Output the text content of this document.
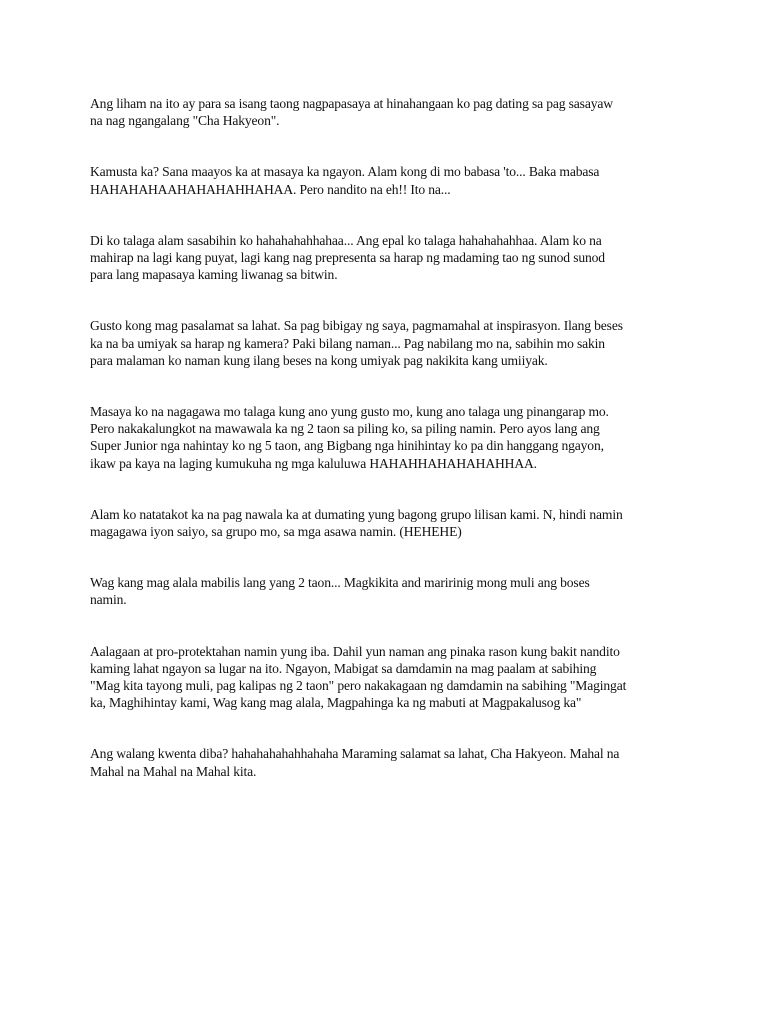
Ang liham na ito ay para sa isang taong nagpapasaya at hinahangaan ko pag dating sa pag sasayaw
na nag ngangalang "Cha Hakyeon".

Kamusta ka? Sana maayos ka at masaya ka ngayon. Alam kong di mo babasa 'to... Baka mabasa
HAHAHAHAAHAHAHAHHAHAA. Pero nandito na eh!! Ito na...

Di ko talaga alam sasabihin ko hahahahahhahaa... Ang epal ko talaga hahahahahhaa. Alam ko na
mahirap na lagi kang puyat, lagi kang nag prepresenta sa harap ng madaming tao ng sunod sunod
para lang mapasaya kaming liwanag sa bitwin.

Gusto kong mag pasalamat sa lahat. Sa pag bibigay ng saya, pagmamahal at inspirasyon. Ilang beses
ka na ba umiyak sa harap ng kamera? Paki bilang naman... Pag nabilang mo na, sabihin mo sakin
para malaman ko naman kung ilang beses na kong umiyak pag nakikita kang umiiyak.

Masaya ko na nagagawa mo talaga kung ano yung gusto mo, kung ano talaga ung pinangarap mo.
Pero nakakalungkot na mawawala ka ng 2 taon sa piling ko, sa piling namin. Pero ayos lang ang
Super Junior nga nahintay ko ng 5 taon, ang Bigbang nga hinihintay ko pa din hanggang ngayon,
ikaw pa kaya na laging kumukuha ng mga kaluluwa HAHAHHAHAHAHAHHAA.

Alam ko natatakot ka na pag nawala ka at dumating yung bagong grupo lilisan kami. N, hindi namin
magagawa iyon saiyo, sa grupo mo, sa mga asawa namin. (HEHEHE)

Wag kang mag alala mabilis lang yang 2 taon... Magkikita and maririnig mong muli ang boses
namin.

Aalagaan at pro-protektahan namin yung iba. Dahil yun naman ang pinaka rason kung bakit nandito
kaming lahat ngayon sa lugar na ito. Ngayon, Mabigat sa damdamin na mag paalam at sabihing
"Mag kita tayong muli, pag kalipas ng 2 taon" pero nakakagaan ng damdamin na sabihing "Magingat
ka, Maghihintay kami, Wag kang mag alala, Magpahinga ka ng mabuti at Magpakalusog ka"

Ang walang kwenta diba? hahahahahahhahaha Maraming salamat sa lahat, Cha Hakyeon. Mahal na
Mahal na Mahal na Mahal kita.
